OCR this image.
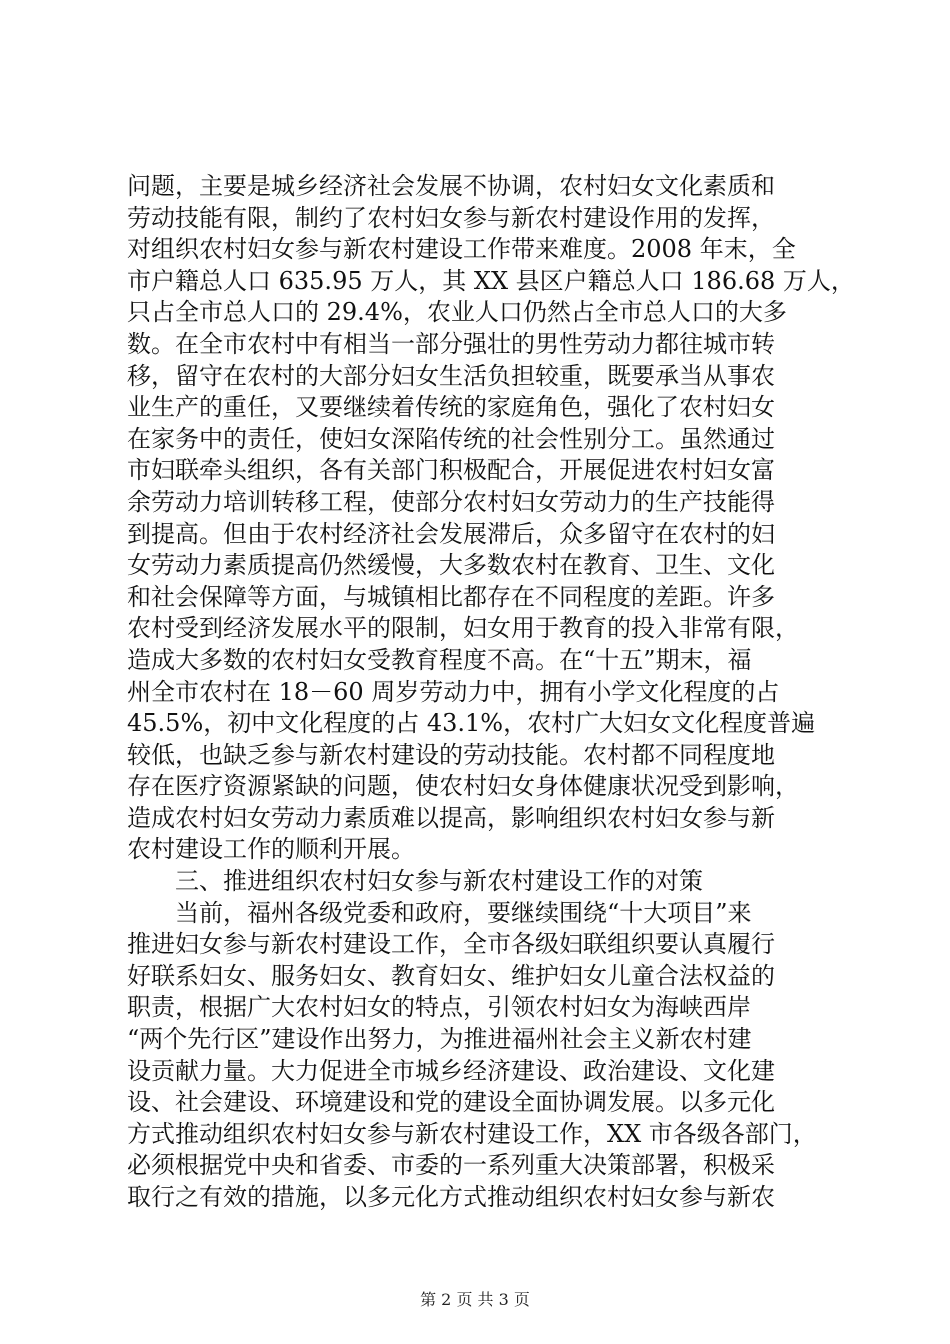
问题，主要是城乡经济社会发展不协调，农村妇女文化素质和
劳动技能有限，制约了农村妇女参与新农村建设作用的发挥，
对组织农村妇女参与新农村建设工作带来难度。2008 年末，全
市户籍总人口 635.95 万人，其 XX 县区户籍总人口 186.68 万人，
只占全市总人口的 29.4%，农业人口仍然占全市总人口的大多
数。在全市农村中有相当一部分强壮的男性劳动力都往城市转
移，留守在农村的大部分妇女生活负担较重，既要承当从事农
业生产的重任，又要继续着传统的家庭角色，强化了农村妇女
在家务中的责任，使妇女深陷传统的社会性别分工。虽然通过
市妇联牵头组织，各有关部门积极配合，开展促进农村妇女富
余劳动力培训转移工程，使部分农村妇女劳动力的生产技能得
到提高。但由于农村经济社会发展滞后，众多留守在农村的妇
女劳动力素质提高仍然缓慢，大多数农村在教育、卫生、文化
和社会保障等方面，与城镇相比都存在不同程度的差距。许多
农村受到经济发展水平的限制，妇女用于教育的投入非常有限，
造成大多数的农村妇女受教育程度不高。在“十五”期末，福
州全市农村在 18－60 周岁劳动力中，拥有小学文化程度的占
45.5%，初中文化程度的占 43.1%，农村广大妇女文化程度普遍
较低，也缺乏参与新农村建设的劳动技能。农村都不同程度地
存在医疗资源紧缺的问题，使农村妇女身体健康状况受到影响，
造成农村妇女劳动力素质难以提高，影响组织农村妇女参与新
农村建设工作的顺利开展。
　　三、推进组织农村妇女参与新农村建设工作的对策
　　当前，福州各级党委和政府，要继续围绕“十大项目”来
推进妇女参与新农村建设工作，全市各级妇联组织要认真履行
好联系妇女、服务妇女、教育妇女、维护妇女儿童合法权益的
职责，根据广大农村妇女的特点，引领农村妇女为海峡西岸
“两个先行区”建设作出努力，为推进福州社会主义新农村建
设贡献力量。大力促进全市城乡经济建设、政治建设、文化建
设、社会建设、环境建设和党的建设全面协调发展。以多元化
方式推动组织农村妇女参与新农村建设工作，XX 市各级各部门，
必须根据党中央和省委、市委的一系列重大决策部署，积极采
取行之有效的措施，以多元化方式推动组织农村妇女参与新农
第 2 页 共 3 页
